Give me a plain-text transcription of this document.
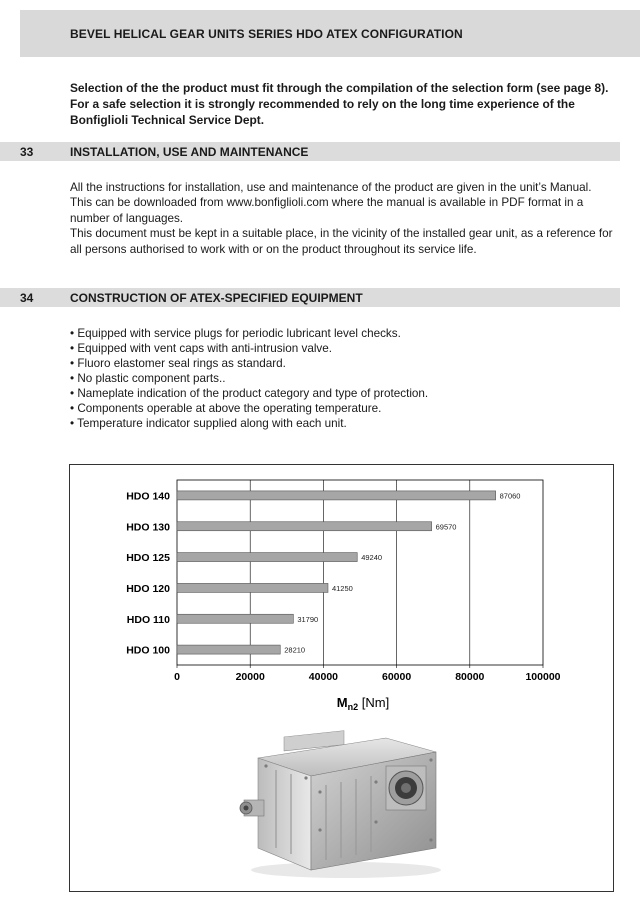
BEVEL HELICAL GEAR UNITS SERIES HDO ATEX CONFIGURATION
Selection of the the product must fit through the compilation of the selection form (see page 8).
For a safe selection it is strongly recommended to rely on the long time experience of the
Bonfiglioli Technical Service Dept.
33	INSTALLATION, USE AND MAINTENANCE

All the instructions for installation, use and maintenance of the product are given in the unit’s Manual.

This can be downloaded from www.bonfiglioli.com where the manual is available in PDF format in a number of languages.

This document must be kept in a suitable place, in the vicinity of the installed gear unit, as a reference for all persons authorised to work with or on the product throughout its service life.

34	CONSTRUCTION OF ATEX-SPECIFIED EQUIPMENT
• Equipped with service plugs for periodic lubricant level checks.
• Equipped with vent caps with anti-intrusion valve.
• Fluoro elastomer seal rings as standard.
• No plastic component parts..
• Nameplate indication of the product category and type of protection.
• Components operable at above the operating temperature.
• Temperature indicator supplied along with each unit.
0	20000	40000	60000	80000	100000
HDO 140	87060
HDO 130	69570
HDO 125	49240
HDO 120	41250
HDO 110	31790
HDO 100	28210
$M_{n2}$ [Nm]
